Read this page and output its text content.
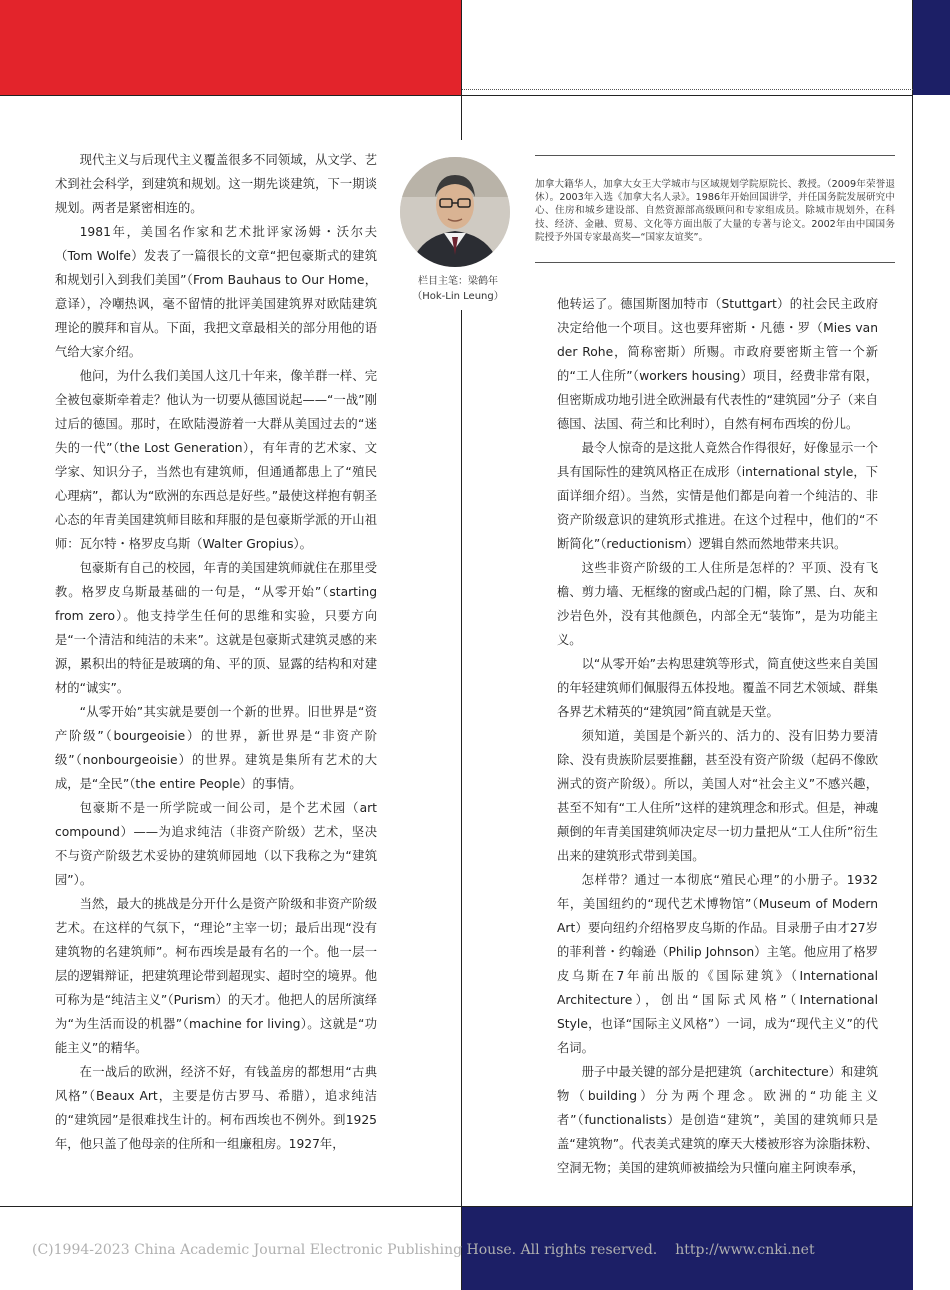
栏目主笔：梁鹤年
（Hok-Lin Leung）
加拿大籍华人，加拿大女王大学城市与区域规划学院原院长、教授。（2009年荣誉退休）。2003年入选《加拿大名人录》。1986年开始回国讲学，并任国务院发展研究中心、住房和城乡建设部、自然资源部高级顾问和专家组成员。除城市规划外，在科技、经济、金融、贸易、文化等方面出版了大量的专著与论文。2002年由中国国务院授予外国专家最高奖—“国家友谊奖”。

现代主义与后现代主义覆盖很多不同领域，从文学、艺术到社会科学，到建筑和规划。这一期先谈建筑，下一期谈规划。两者是紧密相连的。

1981年，美国名作家和艺术批评家汤姆・沃尔夫（Tom Wolfe）发表了一篇很长的文章“把包豪斯式的建筑和规划引入到我们美国”（From Bauhaus to Our Home，意译），冷嘲热讽，毫不留情的批评美国建筑界对欧陆建筑理论的膜拜和盲从。下面，我把文章最相关的部分用他的语气给大家介绍。

他问，为什么我们美国人这几十年来，像羊群一样、完全被包豪斯牵着走？他认为一切要从德国说起——“一战”刚过后的德国。那时，在欧陆漫游着一大群从美国过去的“迷失的一代”（the Lost Generation），有年青的艺术家、文学家、知识分子，当然也有建筑师，但通通都患上了“殖民心理病”，都认为“欧洲的东西总是好些。”最使这样抱有朝圣心态的年青美国建筑师目眩和拜服的是包豪斯学派的开山祖师：瓦尔特・格罗皮乌斯（Walter Gropius）。

包豪斯有自己的校园，年青的美国建筑师就住在那里受教。格罗皮乌斯最基础的一句是，“从零开始”（starting from zero）。他支持学生任何的思维和实验，只要方向是“一个清洁和纯洁的未来”。这就是包豪斯式建筑灵感的来源，累积出的特征是玻璃的角、平的顶、显露的结构和对建材的“诚实”。

“从零开始”其实就是要创一个新的世界。旧世界是“资产阶级”（bourgeoisie）的世界，新世界是“非资产阶级”（nonbourgeoisie）的世界。建筑是集所有艺术的大成，是“全民”（the entire People）的事情。

包豪斯不是一所学院或一间公司，是个艺术园（art compound）——为追求纯洁（非资产阶级）艺术，坚决不与资产阶级艺术妥协的建筑师园地（以下我称之为“建筑园”）。

当然，最大的挑战是分开什么是资产阶级和非资产阶级艺术。在这样的气氛下，“理论”主宰一切；最后出现“没有建筑物的名建筑师”。柯布西埃是最有名的一个。他一层一层的逻辑辩证，把建筑理论带到超现实、超时空的境界。他可称为是“纯洁主义”（Purism）的天才。他把人的居所演绎为“为生活而设的机器”（machine for living）。这就是“功能主义”的精华。

在一战后的欧洲，经济不好，有钱盖房的都想用“古典风格”（Beaux Art，主要是仿古罗马、希腊），追求纯洁的“建筑园”是很难找生计的。柯布西埃也不例外。到1925年，他只盖了他母亲的住所和一组廉租房。1927年，

他转运了。德国斯图加特市（Stuttgart）的社会民主政府决定给他一个项目。这也要拜密斯・凡德・罗（Mies van der Rohe，简称密斯）所赐。市政府要密斯主管一个新的“工人住所”（workers housing）项目，经费非常有限，但密斯成功地引进全欧洲最有代表性的“建筑园”分子（来自德国、法国、荷兰和比利时），自然有柯布西埃的份儿。

最令人惊奇的是这批人竟然合作得很好，好像显示一个具有国际性的建筑风格正在成形（international style，下面详细介绍）。当然，实情是他们都是向着一个纯洁的、非资产阶级意识的建筑形式推进。在这个过程中，他们的“不断简化”（reductionism）逻辑自然而然地带来共识。

这些非资产阶级的工人住所是怎样的？平顶、没有飞檐、剪力墙、无框缘的窗或凸起的门楣，除了黑、白、灰和沙岩色外，没有其他颜色，内部全无“装饰”，是为功能主义。

以“从零开始”去构思建筑等形式，简直使这些来自美国的年轻建筑师们佩服得五体投地。覆盖不同艺术领域、群集各界艺术精英的“建筑园”简直就是天堂。

须知道，美国是个新兴的、活力的、没有旧势力要清除、没有贵族阶层要推翻，甚至没有资产阶级（起码不像欧洲式的资产阶级）。所以，美国人对“社会主义”不感兴趣，甚至不知有“工人住所”这样的建筑理念和形式。但是，神魂颠倒的年青美国建筑师决定尽一切力量把从“工人住所”衍生出来的建筑形式带到美国。

怎样带？通过一本彻底“殖民心理”的小册子。1932年，美国纽约的“现代艺术博物馆”（Museum of Modern Art）要向纽约介绍格罗皮乌斯的作品。目录册子由才27岁的菲利普・约翰逊（Philip Johnson）主笔。他应用了格罗皮乌斯在7年前出版的《国际建筑》（International Architecture），创出“国际式风格”（International Style，也译“国际主义风格”）一词，成为“现代主义”的代名词。

册子中最关键的部分是把建筑（architecture）和建筑物（building）分为两个理念。欧洲的“功能主义者”（functionalists）是创造“建筑”，美国的建筑师只是盖“建筑物”。代表美式建筑的摩天大楼被形容为涂脂抹粉、空洞无物；美国的建筑师被描绘为只懂向雇主阿谀奉承，

(C)1994-2023 China Academic Journal Electronic Publishing House. All rights reserved. http://www.cnki.net
